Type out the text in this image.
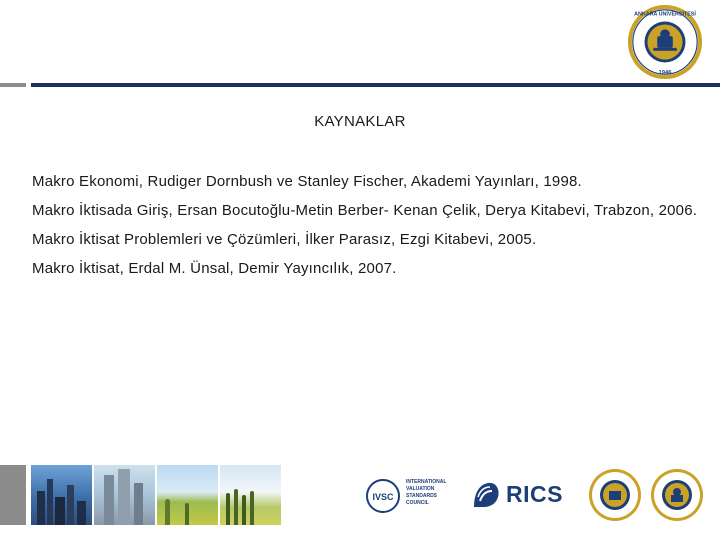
1946
ANKARA ÜNİVERSİTESİ
KAYNAKLAR
Makro Ekonomi, Rudiger Dornbush ve Stanley Fischer, Akademi Yayınları, 1998.
Makro İktisada Giriş, Ersan Bocutoğlu-Metin Berber- Kenan Çelik, Derya Kitabevi, Trabzon, 2006.
Makro İktisat Problemleri ve Çözümleri, İlker Parasız, Ezgi Kitabevi, 2005.
Makro İktisat, Erdal M. Ünsal, Demir Yayıncılık, 2007.
IVSC
INTERNATIONAL
VALUATION
STANDARDS
COUNCIL	RICS
